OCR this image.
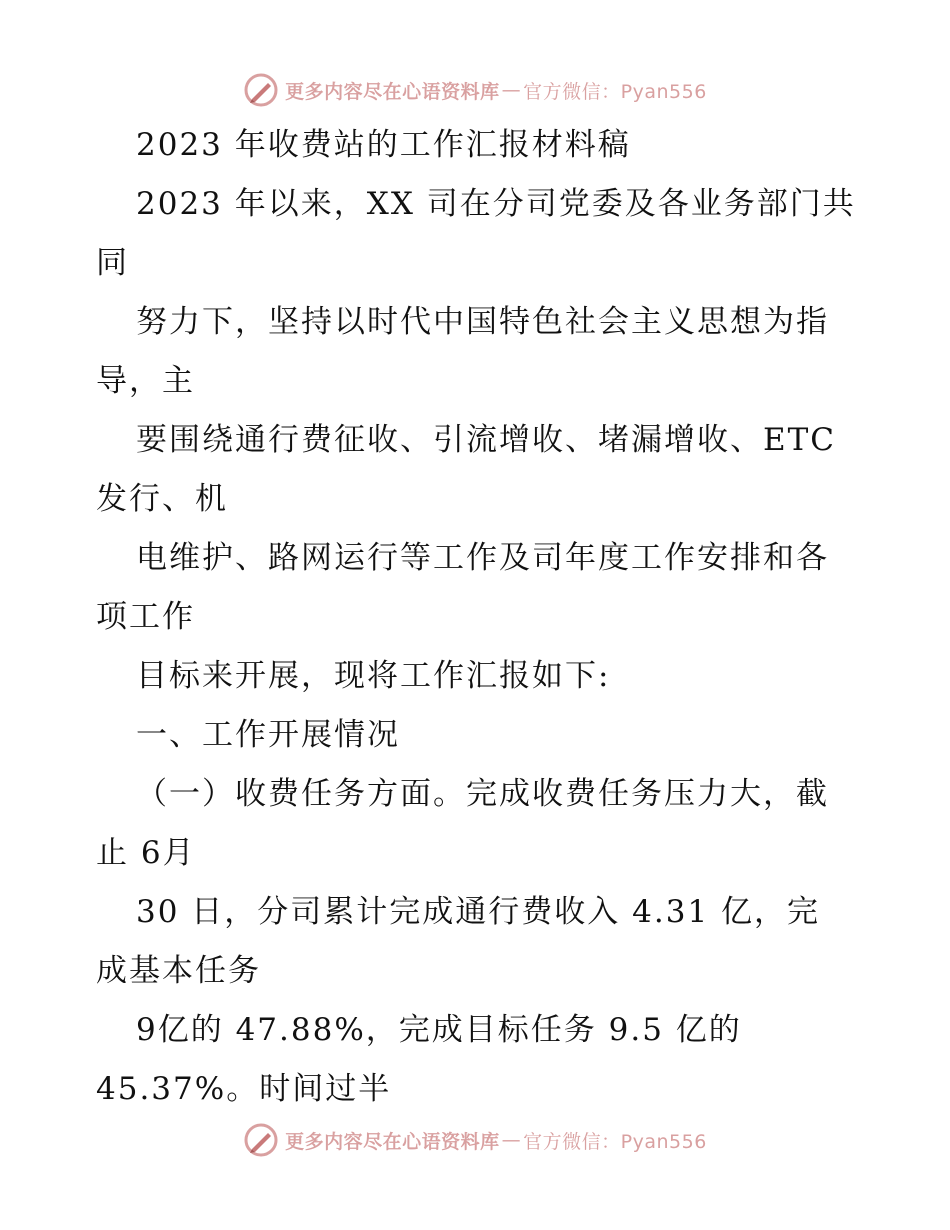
更多内容尽在心语资料库 — 官方微信：Pyan556
2023 年收费站的工作汇报材料稿
2023 年以来，XX 司在分司党委及各业务部门共
同
努力下，坚持以时代中国特色社会主义思想为指
导，主
要围绕通行费征收、引流增收、堵漏增收、ETC
发行、机
电维护、路网运行等工作及司年度工作安排和各
项工作
目标来开展，现将工作汇报如下:
一、工作开展情况
（一）收费任务方面。完成收费任务压力大，截
止 6月
30 日，分司累计完成通行费收入 4.31 亿，完
成基本任务
9亿的 47.88%，完成目标任务 9.5 亿的
45.37%。时间过半
更多内容尽在心语资料库 — 官方微信：Pyan556
